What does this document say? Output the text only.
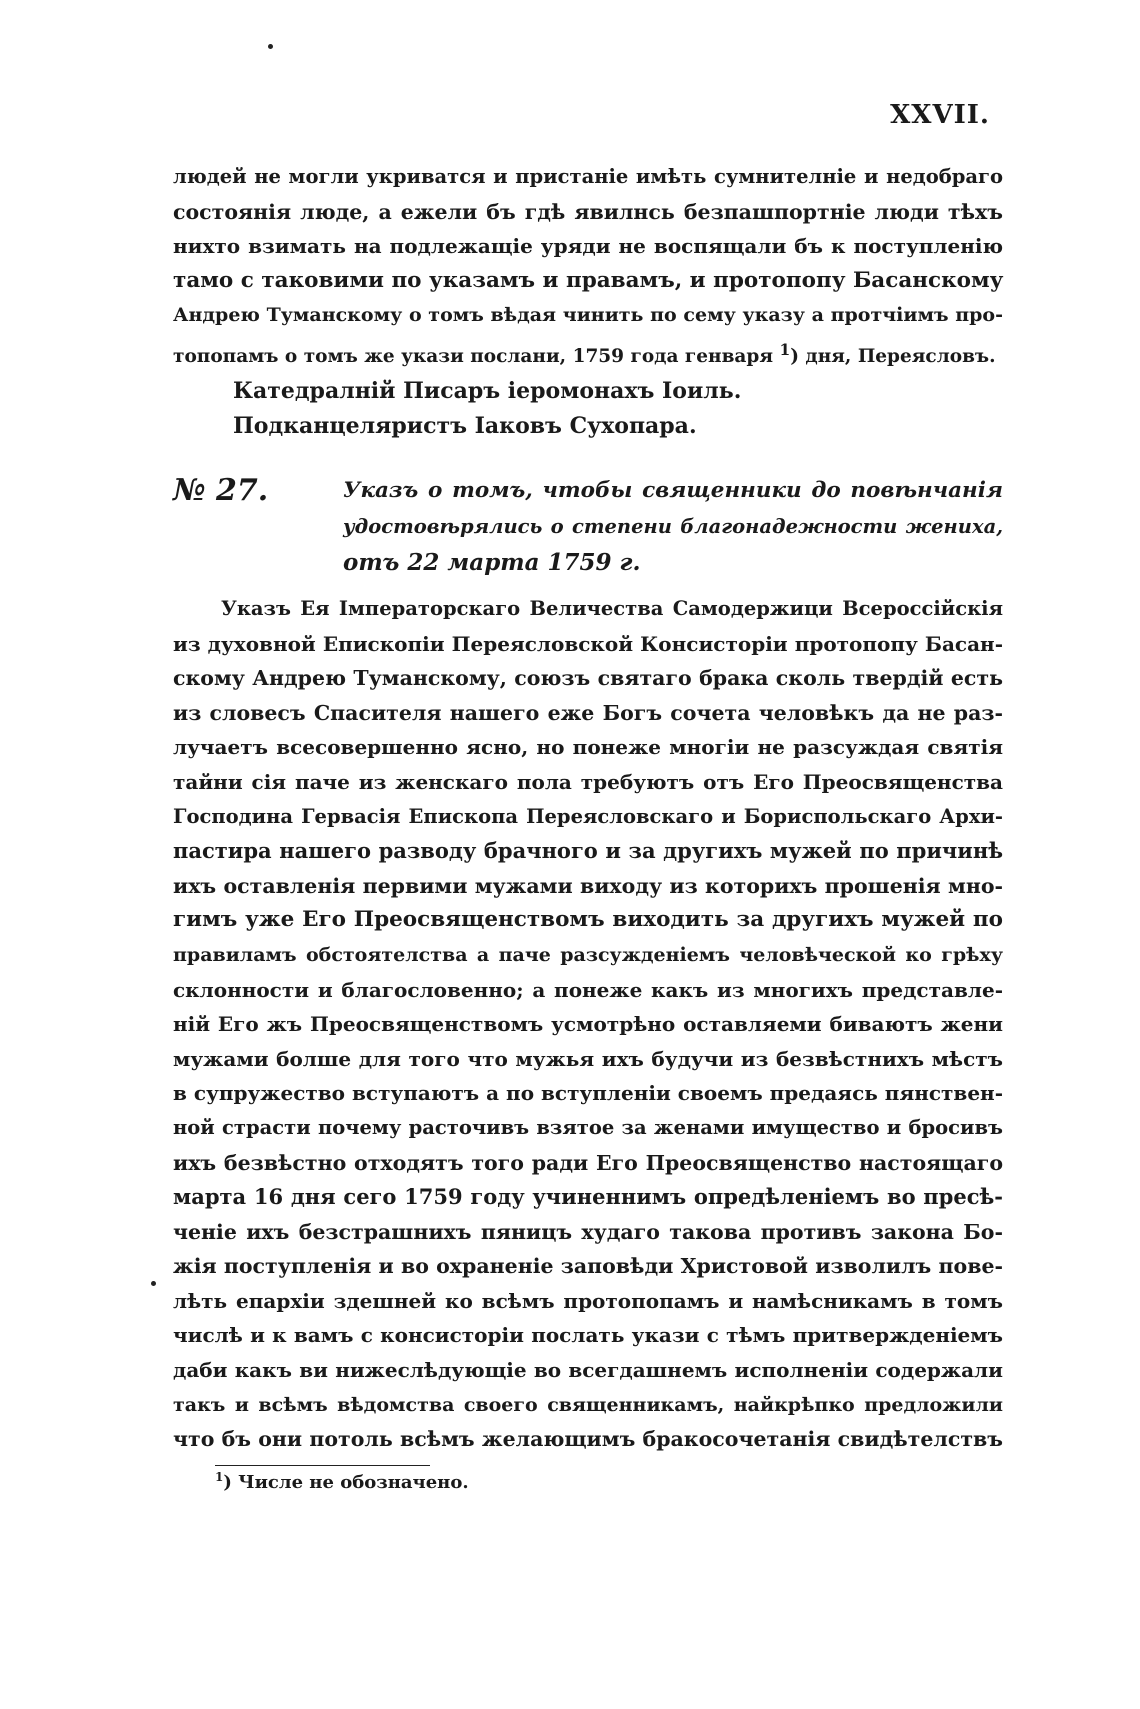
XXVII.
людей не могли укриватся и пристаніе имѣть сумнителніе и недобраго
состоянія люде, а ежели бъ гдѣ явилнсь безпашпортніе люди тѣхъ
нихто взимать на подлежащіе уряди не воспящали бъ к поступленію
тамо с таковими по указамъ и правамъ, и протопопу Басанскому
Андрею Туманскому о томъ вѣдая чинить по сему указу а протчіимъ про-
топопамъ о томъ же укази послани, 1759 года генваря $^1$) дня, Переясловъ.
Катедралній Писаръ іеромонахъ Іоиль.
Подканцеляристъ Іаковъ Сухопара.
№ 27.	Указъ о томъ, чтобы священники до повѣнчанія
удостовѣрялись о степени благонадежности жениха,
отъ 22 марта 1759 г.
Указъ Ея Імператорскаго Величества Самодержици Всероссійскія
из духовной Епископіи Переясловской Консисторіи протопопу Басан-
скому Андрею Туманскому, союзъ святаго брака сколь твердій есть
из словесъ Спасителя нашего еже Богъ сочета человѣкъ да не раз-
лучаетъ всесовершенно ясно, но понеже многіи не разсуждая святія
тайни сія паче из женскаго пола требуютъ отъ Его Преосвященства
Господина Гервасія Епископа Переясловскаго и Бориспольскаго Архи-
пастира нашего разводу брачного и за другихъ мужей по причинѣ
ихъ оставленія первими мужами виходу из которихъ прошенія мно-
гимъ уже Его Преосвященствомъ виходить за другихъ мужей по
правиламъ обстоятелства а паче разсужденіемъ человѣческой ко грѣху
склонности и благословенно; а понеже какъ из многихъ представле-
ній Его жъ Преосвященствомъ усмотрѣно оставляеми биваютъ жени
мужами болше для того что мужья ихъ будучи из безвѣстнихъ мѣстъ
в супружество вступаютъ а по вступленіи своемъ предаясь пянствен-
ной страсти почему расточивъ взятое за женами имущество и бросивъ
ихъ безвѣстно отходятъ того ради Его Преосвященство настоящаго
марта 16 дня сего 1759 году учиненнимъ опредѣленіемъ во пресѣ-
ченіе ихъ безстрашнихъ пяницъ худаго такова противъ закона Бо-
жія поступленія и во охраненіе заповѣди Христовой изволилъ пове-
лѣть епархіи здешней ко всѣмъ протопопамъ и намѣсникамъ в томъ
числѣ и к вамъ с консисторіи послать укази с тѣмъ притвержденіемъ
даби какъ ви нижеслѣдующіе во всегдашнемъ исполненіи содержали
такъ и всѣмъ вѣдомства своего священникамъ, найкрѣпко предложили
что бъ они потоль всѣмъ желающимъ бракосочетанія свидѣтелствъ
$^1$) Числе не обозначено.
